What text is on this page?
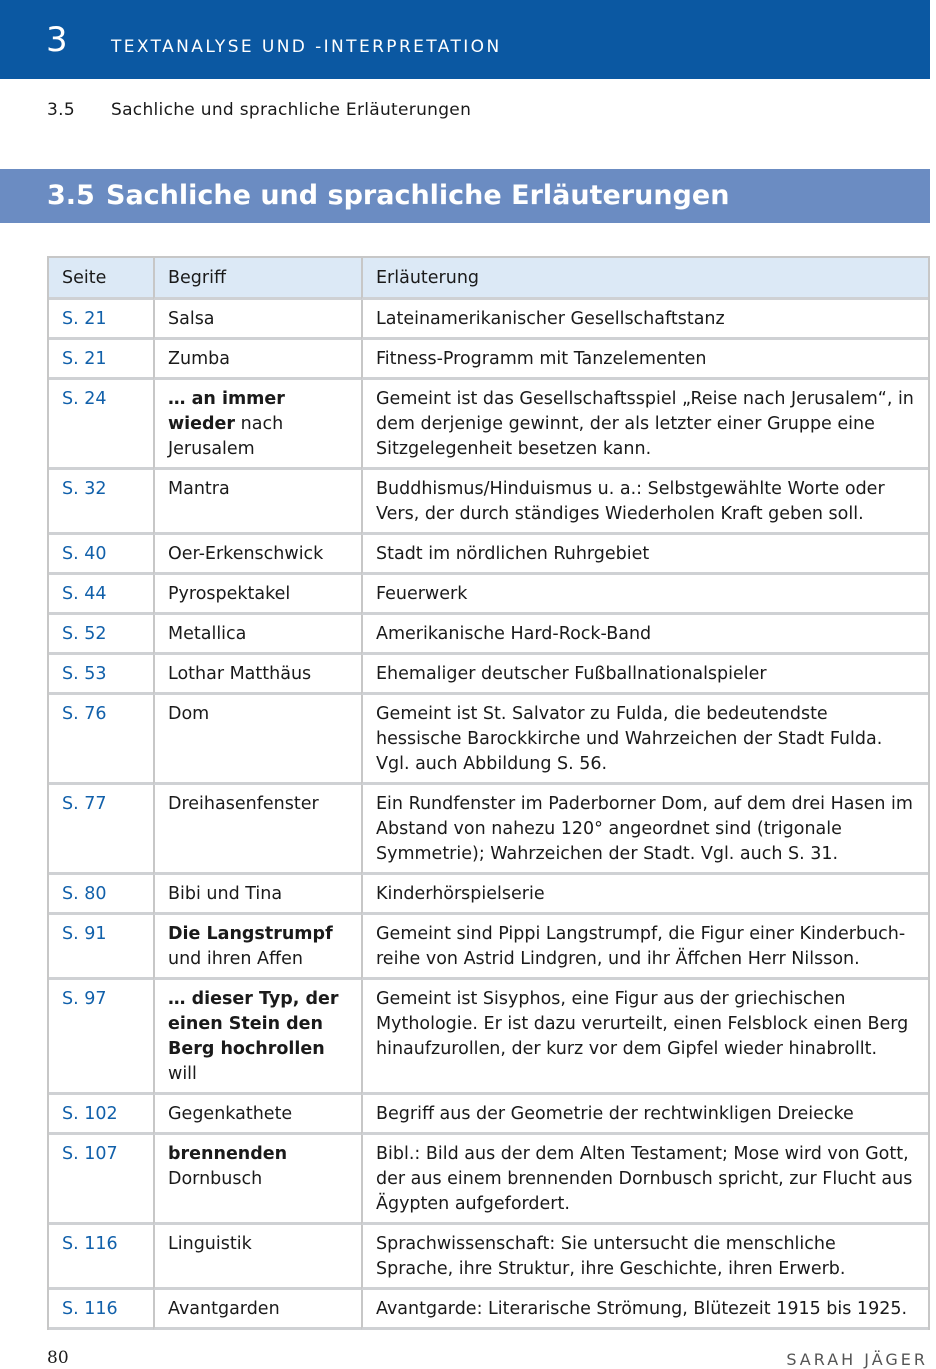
3	TEXTANALYSE UND -INTERPRETATION
3.5 Sachliche und sprachliche Erläuterungen
3.5 Sachliche und sprachliche Erläuterungen
Seite	Begriff	Erläuterung
S. 21	Salsa	Lateinamerikanischer Gesellschaftstanz
S. 21	Zumba	Fitness-Programm mit Tanzelementen
S. 24	… an immer wieder nach Jerusalem	Gemeint ist das Gesellschaftsspiel „Reise nach Jerusalem“, in dem derjenige gewinnt, der als letzter einer Gruppe eine Sitzgelegenheit besetzen kann.
S. 32	Mantra	Buddhismus/Hinduismus u. a.: Selbstgewählte Worte oder Vers, der durch ständiges Wiederholen Kraft geben soll.
S. 40	Oer-Erkenschwick	Stadt im nördlichen Ruhrgebiet
S. 44	Pyrospektakel	Feuerwerk
S. 52	Metallica	Amerikanische Hard-Rock-Band
S. 53	Lothar Matthäus	Ehemaliger deutscher Fußballnationalspieler
S. 76	Dom	Gemeint ist St. Salvator zu Fulda, die bedeutendste hessische Barockkirche und Wahrzeichen der Stadt Fulda. Vgl. auch Abbildung S. 56.
S. 77	Dreihasenfenster	Ein Rundfenster im Paderborner Dom, auf dem drei Hasen im Abstand von nahezu 120° angeordnet sind (trigonale Symmetrie); Wahrzeichen der Stadt. Vgl. auch S. 31.
S. 80	Bibi und Tina	Kinderhörspielserie
S. 91	Die Langstrumpf und ihren Affen	Gemeint sind Pippi Langstrumpf, die Figur einer Kinderbuch-reihe von Astrid Lindgren, und ihr Äffchen Herr Nilsson.
S. 97	… dieser Typ, der einen Stein den Berg hochrollen will	Gemeint ist Sisyphos, eine Figur aus der griechischen Mythologie. Er ist dazu verurteilt, einen Felsblock einen Berg hinaufzurollen, der kurz vor dem Gipfel wieder hinabrollt.
S. 102	Gegenkathete	Begriff aus der Geometrie der rechtwinkligen Dreiecke
S. 107	brennenden Dornbusch	Bibl.: Bild aus der dem Alten Testament; Mose wird von Gott, der aus einem brennenden Dornbusch spricht, zur Flucht aus Ägypten aufgefordert.
S. 116	Linguistik	Sprachwissenschaft: Sie untersucht die menschliche Sprache, ihre Struktur, ihre Geschichte, ihren Erwerb.
S. 116	Avantgarden	Avantgarde: Literarische Strömung, Blütezeit 1915 bis 1925.
80	SARAH JÄGER
